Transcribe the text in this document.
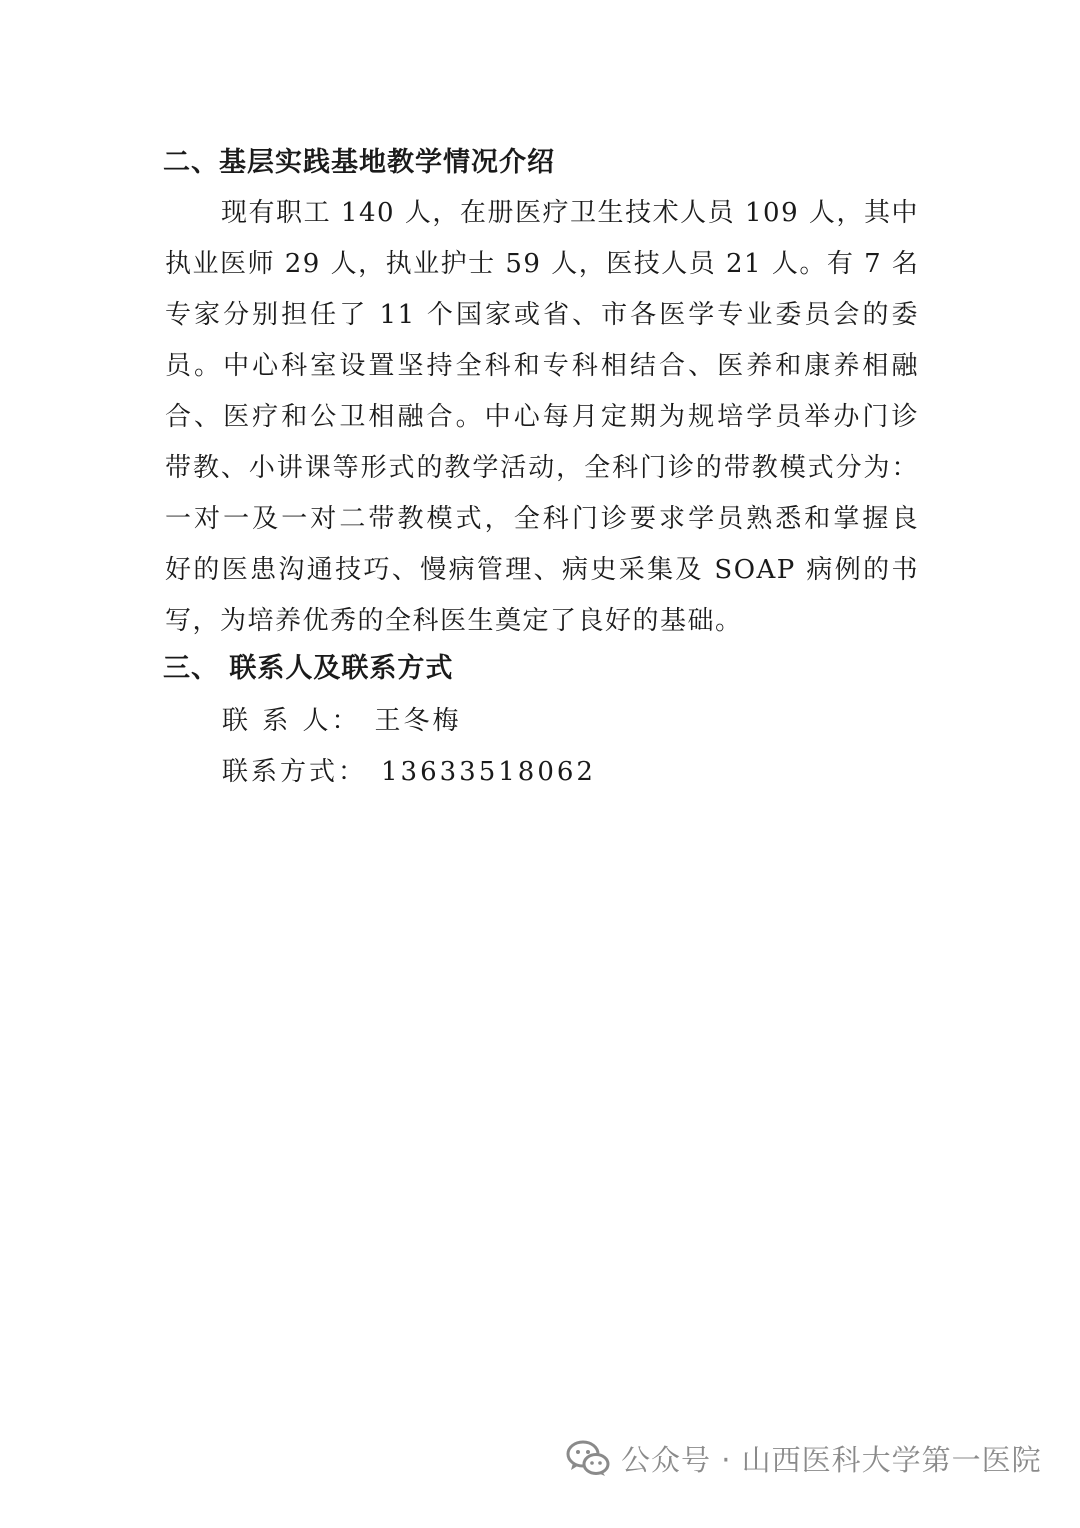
二、基层实践基地教学情况介绍
现有职工 140 人，在册医疗卫生技术人员 109 人，其中
执业医师 29 人，执业护士 59 人，医技人员 21 人。有 7 名
专家分别担任了 11 个国家或省、市各医学专业委员会的委
员。中心科室设置坚持全科和专科相结合、医养和康养相融
合、医疗和公卫相融合。中心每月定期为规培学员举办门诊
带教、小讲课等形式的教学活动，全科门诊的带教模式分为：
一对一及一对二带教模式，全科门诊要求学员熟悉和掌握良
好的医患沟通技巧、慢病管理、病史采集及 SOAP 病例的书
写，为培养优秀的全科医生奠定了良好的基础。
三、 联系人及联系方式
联 系 人： 王冬梅
联系方式： 13633518062
公众号 · 山西医科大学第一医院
